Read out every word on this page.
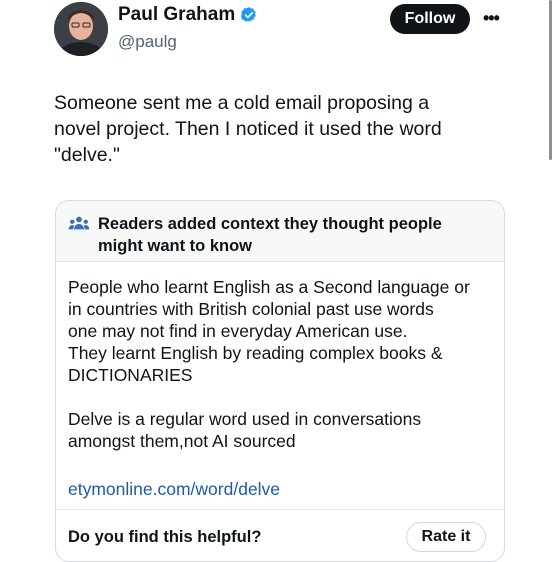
Paul Graham
@paulg
Follow	•••
Someone sent me a cold email proposing a
novel project. Then I noticed it used the word
"delve."
Readers added context they thought people might want to know

People who learnt English as a Second language or

in countries with British colonial past use words

one may not find in everyday American use.

They learnt English by reading complex books &

DICTIONARIES

Delve is a regular word used in conversations

amongst them,not AI sourced

etymonline.com/word/delve
Do you find this helpful?	Rate it
